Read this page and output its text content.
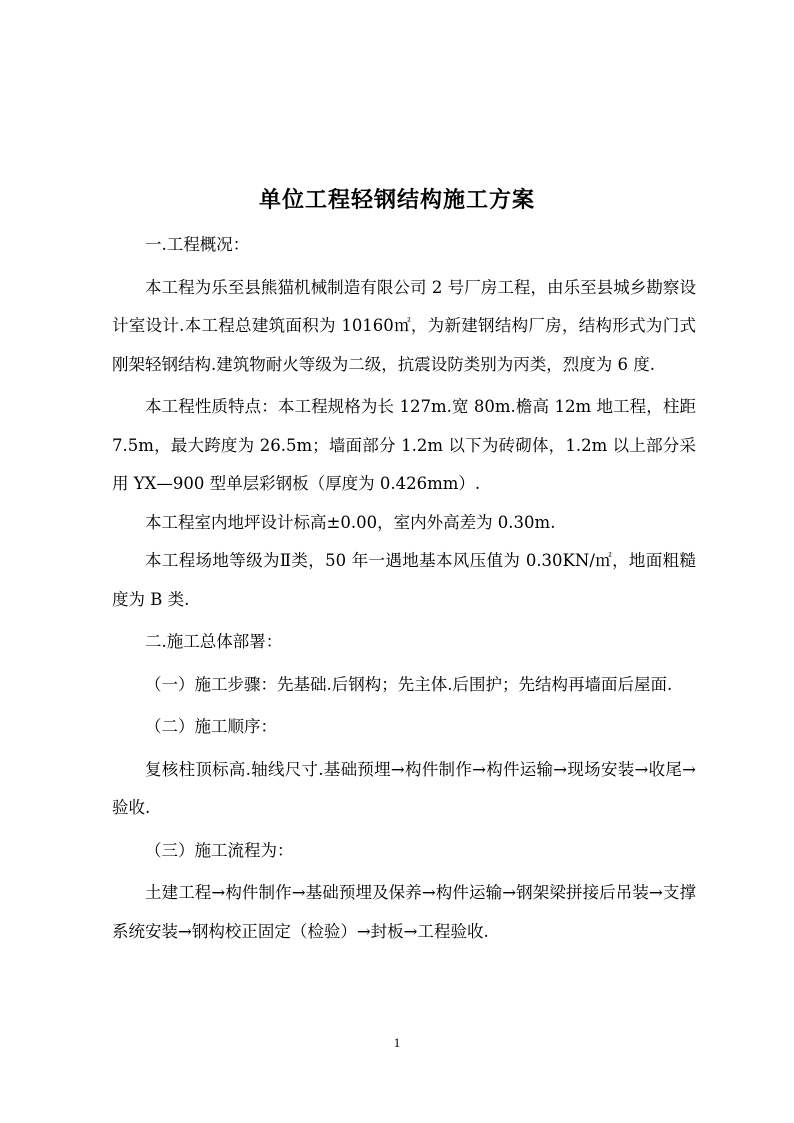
单位工程轻钢结构施工方案

一.工程概况：

本工程为乐至县熊猫机械制造有限公司 2 号厂房工程，由乐至县城乡勘察设计室设计.本工程总建筑面积为 10160㎡，为新建钢结构厂房，结构形式为门式刚架轻钢结构.建筑物耐火等级为二级，抗震设防类别为丙类，烈度为 6 度.

本工程性质特点：本工程规格为长 127m.宽 80m.檐高 12m 地工程，柱距 7.5m，最大跨度为 26.5m；墙面部分 1.2m 以下为砖砌体，1.2m 以上部分采用 YX—900 型单层彩钢板（厚度为 0.426mm）.

本工程室内地坪设计标高±0.00，室内外高差为 0.30m.

本工程场地等级为Ⅱ类，50 年一遇地基本风压值为 0.30KN/㎡，地面粗糙度为 B 类.

二.施工总体部署：

（一）施工步骤：先基础.后钢构；先主体.后围护；先结构再墙面后屋面.

（二）施工顺序：

复核柱顶标高.轴线尺寸.基础预埋→构件制作→构件运输→现场安装→收尾→验收.

（三）施工流程为：

土建工程→构件制作→基础预埋及保养→构件运输→钢架梁拼接后吊装→支撑系统安装→钢构校正固定（检验）→封板→工程验收.

1
